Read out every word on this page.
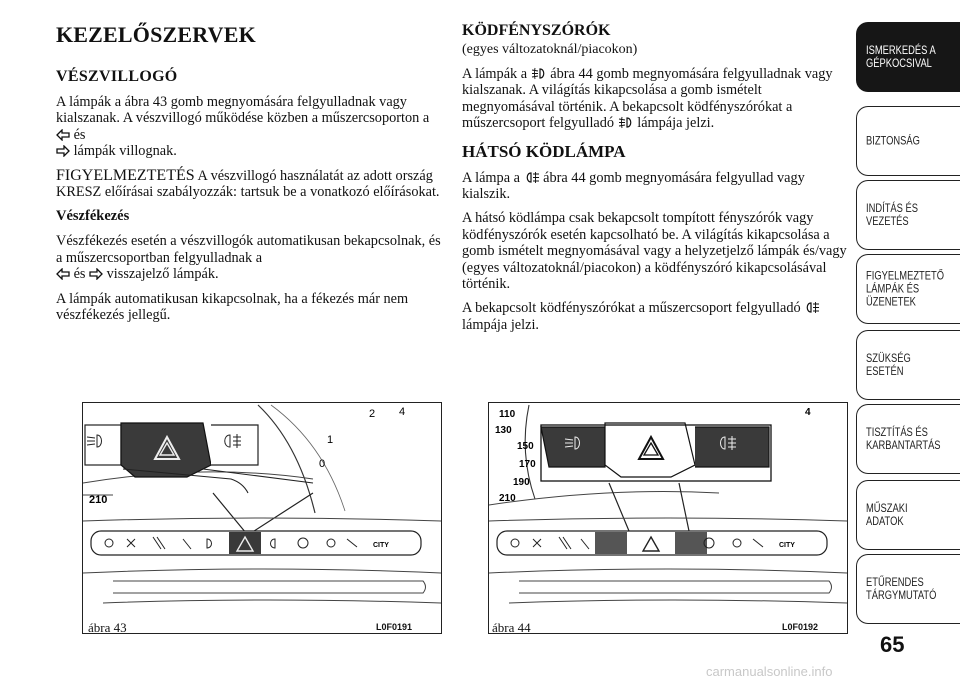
KEZELŐSZERVEK
VÉSZVILLOGÓ

A lámpák a ábra 43 gomb megnyomására felgyulladnak vagy kialszanak. A vészvillogó működése közben a műszercsoporton a  és
lámpák villognak.

FIGYELMEZTETÉS A vészvillogó használatát az adott ország KRESZ előírásai szabályozzák: tartsuk be a vonatkozó előírásokat.

Vészfékezés

Vészfékezés esetén a vészvillogók automatikusan bekapcsolnak, és a műszercsoportban felgyulladnak a
és visszajelző lámpák.

A lámpák automatikusan kikapcsolnak, ha a fékezés már nem vészfékezés jellegű.

KÖDFÉNYSZÓRÓK

(egyes változatoknál/piacokon)

A lámpák a ábra 44 gomb megnyomására felgyulladnak vagy kialszanak. A világítás kikapcsolása a gomb ismételt megnyomásával történik. A bekapcsolt ködfényszórókat a műszercsoport felgyulladó lámpája jelzi.

HÁTSÓ KÖDLÁMPA

A lámpa a ábra 44 gomb megnyomására felgyullad vagy kialszik.

A hátsó ködlámpa csak bekapcsolt tompított fényszórók vagy ködfényszórók esetén kapcsolható be. A világítás kikapcsolása a gomb ismételt megnyomásával vagy a helyzetjelző lámpák és/vagy (egyes változatoknál/piacokon) a ködfényszóró kikapcsolásával történik.

A bekapcsolt ködfényszórókat a műszercsoport felgyulladó  lámpája jelzi.

2 4
1
0
210
CITY
ábra 43	L0F0191
110
130
150
170
190
210
4
CITY
ábra 44	L0F0192
ISMERKEDÉS A
GÉPKOCSIVAL
BIZTONSÁG
INDÍTÁS ÉS
VEZETÉS
FIGYELMEZTETŐ
LÁMPÁK ÉS
ÜZENETEK
SZÜKSÉG ESETÉN
TISZTÍTÁS ÉS
KARBANTARTÁS
MŰSZAKI ADATOK
ETŰRENDES
TÁRGYMUTATÓ
65
carmanualsonline.info
